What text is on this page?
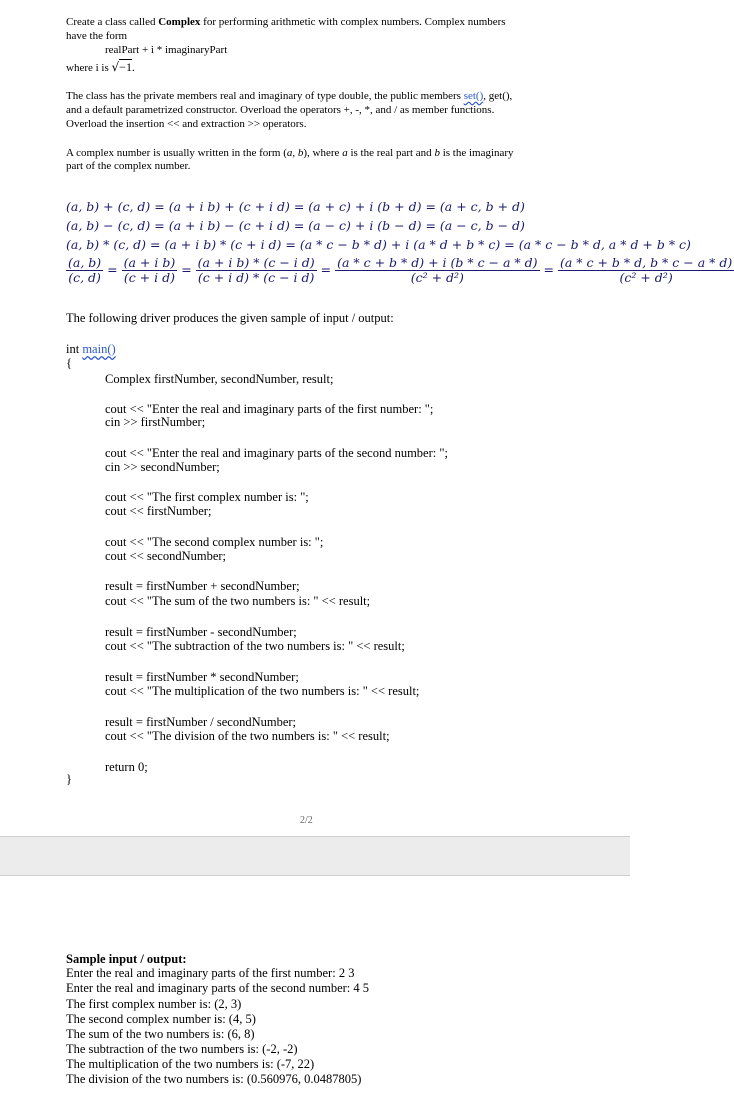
Create a class called Complex for performing arithmetic with complex numbers. Complex numbers
have the form
realPart + i * imaginaryPart
where i is √−1.
The class has the private members real and imaginary of type double, the public members set(), get(),
and a default parametrized constructor. Overload the operators +, -, *, and / as member functions.
Overload the insertion << and extraction >> operators.
A complex number is usually written in the form (a, b), where a is the real part and b is the imaginary
part of the complex number.
(a, b) + (c, d) = (a + i b) + (c + i d) = (a + c) + i (b + d) = (a + c, b + d)
(a, b) − (c, d) = (a + i b) − (c + i d) = (a − c) + i (b − d) = (a − c, b − d)
(a, b) * (c, d) = (a + i b) * (c + i d) = (a * c − b * d) + i (a * d + b * c) = (a * c − b * d, a * d + b * c)
$\frac{(a, b)}{(c, d)} = \frac{\text{(a + i b)}}{\text{(c + i d)}} = \frac{\text{(a + i b) * (c − i d)}}{\text{(c + i d) * (c − i d)}} = \frac{(a * c + b * d) + i (b * c - a * d)}{\text{(c² + d²)}} = \frac{(a * c + b * d, b * c - a * d)}{\text{(c² + d²)}}$
The following driver produces the given sample of input / output:
int main()
{
Complex firstNumber, secondNumber, result;
cout << "Enter the real and imaginary parts of the first number: ";
cin >> firstNumber;
cout << "Enter the real and imaginary parts of the second number: ";
cin >> secondNumber;
cout << "The first complex number is: ";
cout << firstNumber;
cout << "The second complex number is: ";
cout << secondNumber;
result = firstNumber + secondNumber;
cout << "The sum of the two numbers is: " << result;
result = firstNumber - secondNumber;
cout << "The subtraction of the two numbers is: " << result;
result = firstNumber * secondNumber;
cout << "The multiplication of the two numbers is: " << result;
result = firstNumber / secondNumber;
cout << "The division of the two numbers is: " << result;
return 0;
}
2/2
Sample input / output:
Enter the real and imaginary parts of the first number: 2 3
Enter the real and imaginary parts of the second number: 4 5
The first complex number is: (2, 3)
The second complex number is: (4, 5)
The sum of the two numbers is: (6, 8)
The subtraction of the two numbers is: (-2, -2)
The multiplication of the two numbers is: (-7, 22)
The division of the two numbers is: (0.560976, 0.0487805)
